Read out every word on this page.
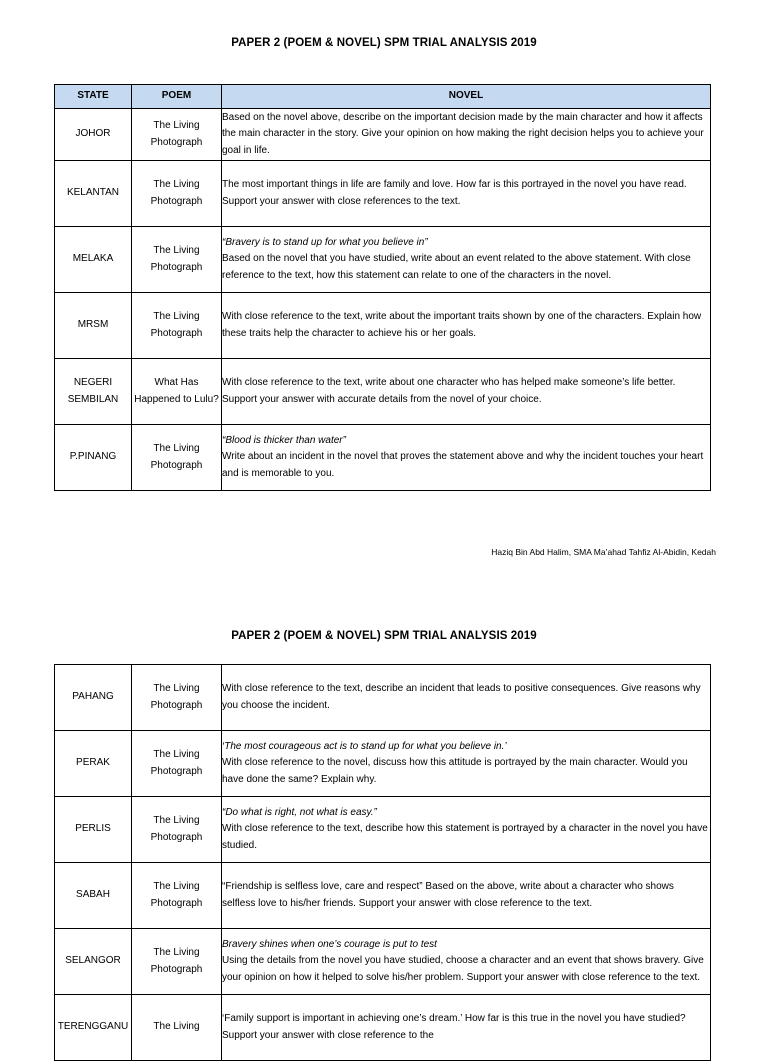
PAPER 2 (POEM & NOVEL) SPM TRIAL ANALYSIS 2019
STATE	POEM	NOVEL
JOHOR	The Living Photograph	Based on the novel above, describe on the important decision made by the main character and how it affects the main character in the story. Give your opinion on how making the right decision helps you to achieve your goal in life.

KELANTAN	The Living Photograph	The most important things in life are family and love. How far is this portrayed in the novel you have read. Support your answer with close references to the text.

MELAKA	The Living Photograph	“Bravery is to stand up for what you believe in”
Based on the novel that you have studied, write about an event related to the above statement. With close reference to the text, how this statement can relate to one of the characters in the novel.

MRSM	The Living Photograph	With close reference to the text, write about the important traits shown by one of the characters. Explain how these traits help the character to achieve his or her goals.

NEGERI SEMBILAN	What Has Happened to Lulu?	With close reference to the text, write about one character who has helped make someone’s life better. Support your answer with accurate details from the novel of your choice.

P.PINANG	The Living Photograph	“Blood is thicker than water”
Write about an incident in the novel that proves the statement above and why the incident touches your heart and is memorable to you.
Haziq Bin Abd Halim, SMA Ma’ahad Tahfiz Al-Abidin, Kedah
PAPER 2 (POEM & NOVEL) SPM TRIAL ANALYSIS 2019
PAHANG	The Living Photograph	With close reference to the text, describe an incident that leads to positive consequences. Give reasons why you choose the incident.

PERAK	The Living Photograph	‘The most courageous act is to stand up for what you believe in.’
With close reference to the novel, discuss how this attitude is portrayed by the main character. Would you have done the same? Explain why.

PERLIS	The Living Photograph	“Do what is right, not what is easy.”
With close reference to the text, describe how this statement is portrayed by a character in the novel you have studied.

SABAH	The Living Photograph	“Friendship is selfless love, care and respect” Based on the above, write about a character who shows selfless love to his/her friends. Support your answer with close reference to the text.

SELANGOR	The Living Photograph	Bravery shines when one’s courage is put to test
Using the details from the novel you have studied, choose a character and an event that shows bravery. Give your opinion on how it helped to solve his/her problem. Support your answer with close reference to the text.

TERENGGANU	The Living	‘Family support is important in achieving one’s dream.’ How far is this true in the novel you have studied? Support your answer with close reference to the
